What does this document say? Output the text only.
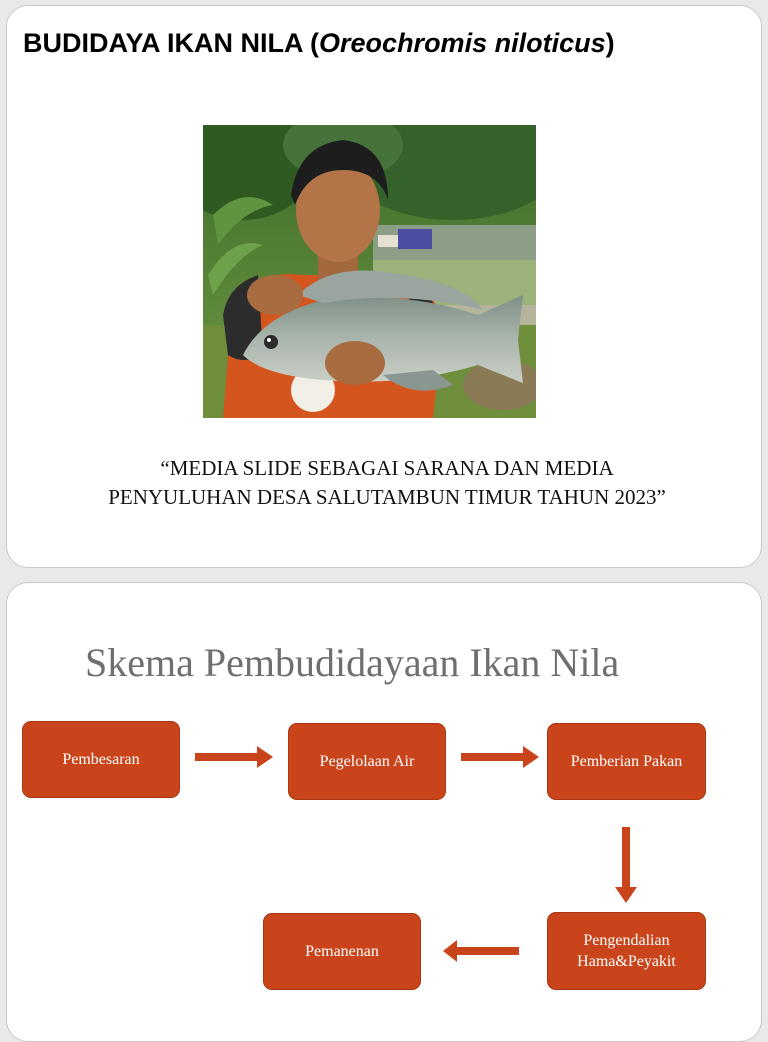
BUDIDAYA IKAN NILA (Oreochromis niloticus)

“MEDIA SLIDE SEBAGAI SARANA DAN MEDIA PENYULUHAN DESA SALUTAMBUN TIMUR TAHUN 2023”

Skema Pembudidayaan Ikan Nila
Pembesaran	Pegelolaan Air	Pemberian Pakan
Pengendalian Hama&Peyakit
Pemanenan
